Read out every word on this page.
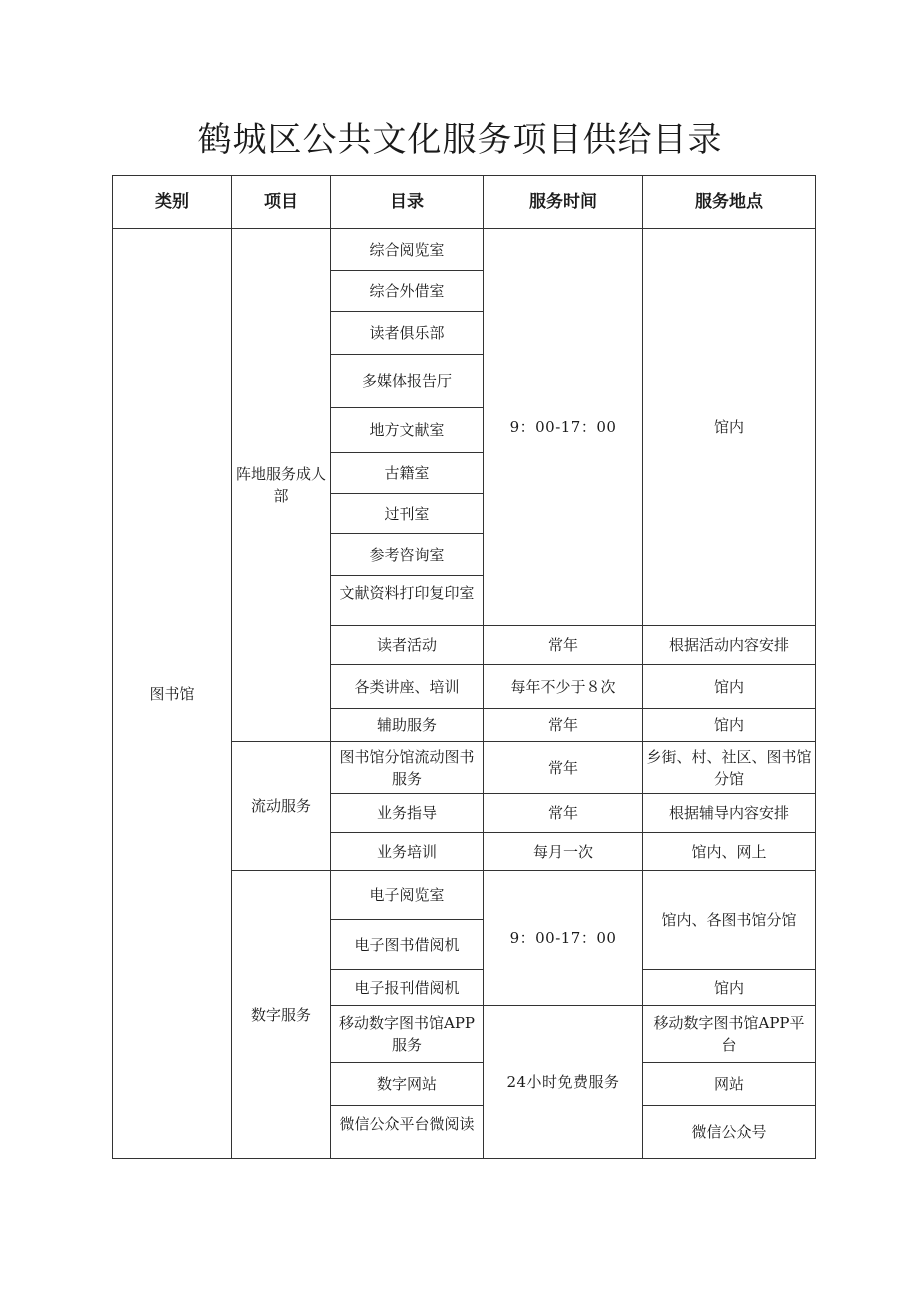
鹤城区公共文化服务项目供给目录
类别	项目	目录	服务时间	服务地点
图书馆	阵地服务成人部	综合阅览室	9：00-17：00	馆内
		综合外借室		
		读者俱乐部		
		多媒体报告厅		
		地方文献室		
		古籍室		
		过刊室		
		参考咨询室		
		文献资料打印复印室		
		读者活动	常年	根据活动内容安排
		各类讲座、培训	每年不少于８次	馆内
		辅助服务	常年	馆内
	流动服务	图书馆分馆流动图书服务	常年	乡街、村、社区、图书馆分馆
		业务指导	常年	根据辅导内容安排
		业务培训	每月一次	馆内、网上
	数字服务	电子阅览室	9：00-17：00	馆内、各图书馆分馆
		电子图书借阅机		
		电子报刊借阅机		馆内
		移动数字图书馆APP服务	24小时免费服务	移动数字图书馆APP平台
		数字网站		网站
		微信公众平台微阅读		微信公众号
